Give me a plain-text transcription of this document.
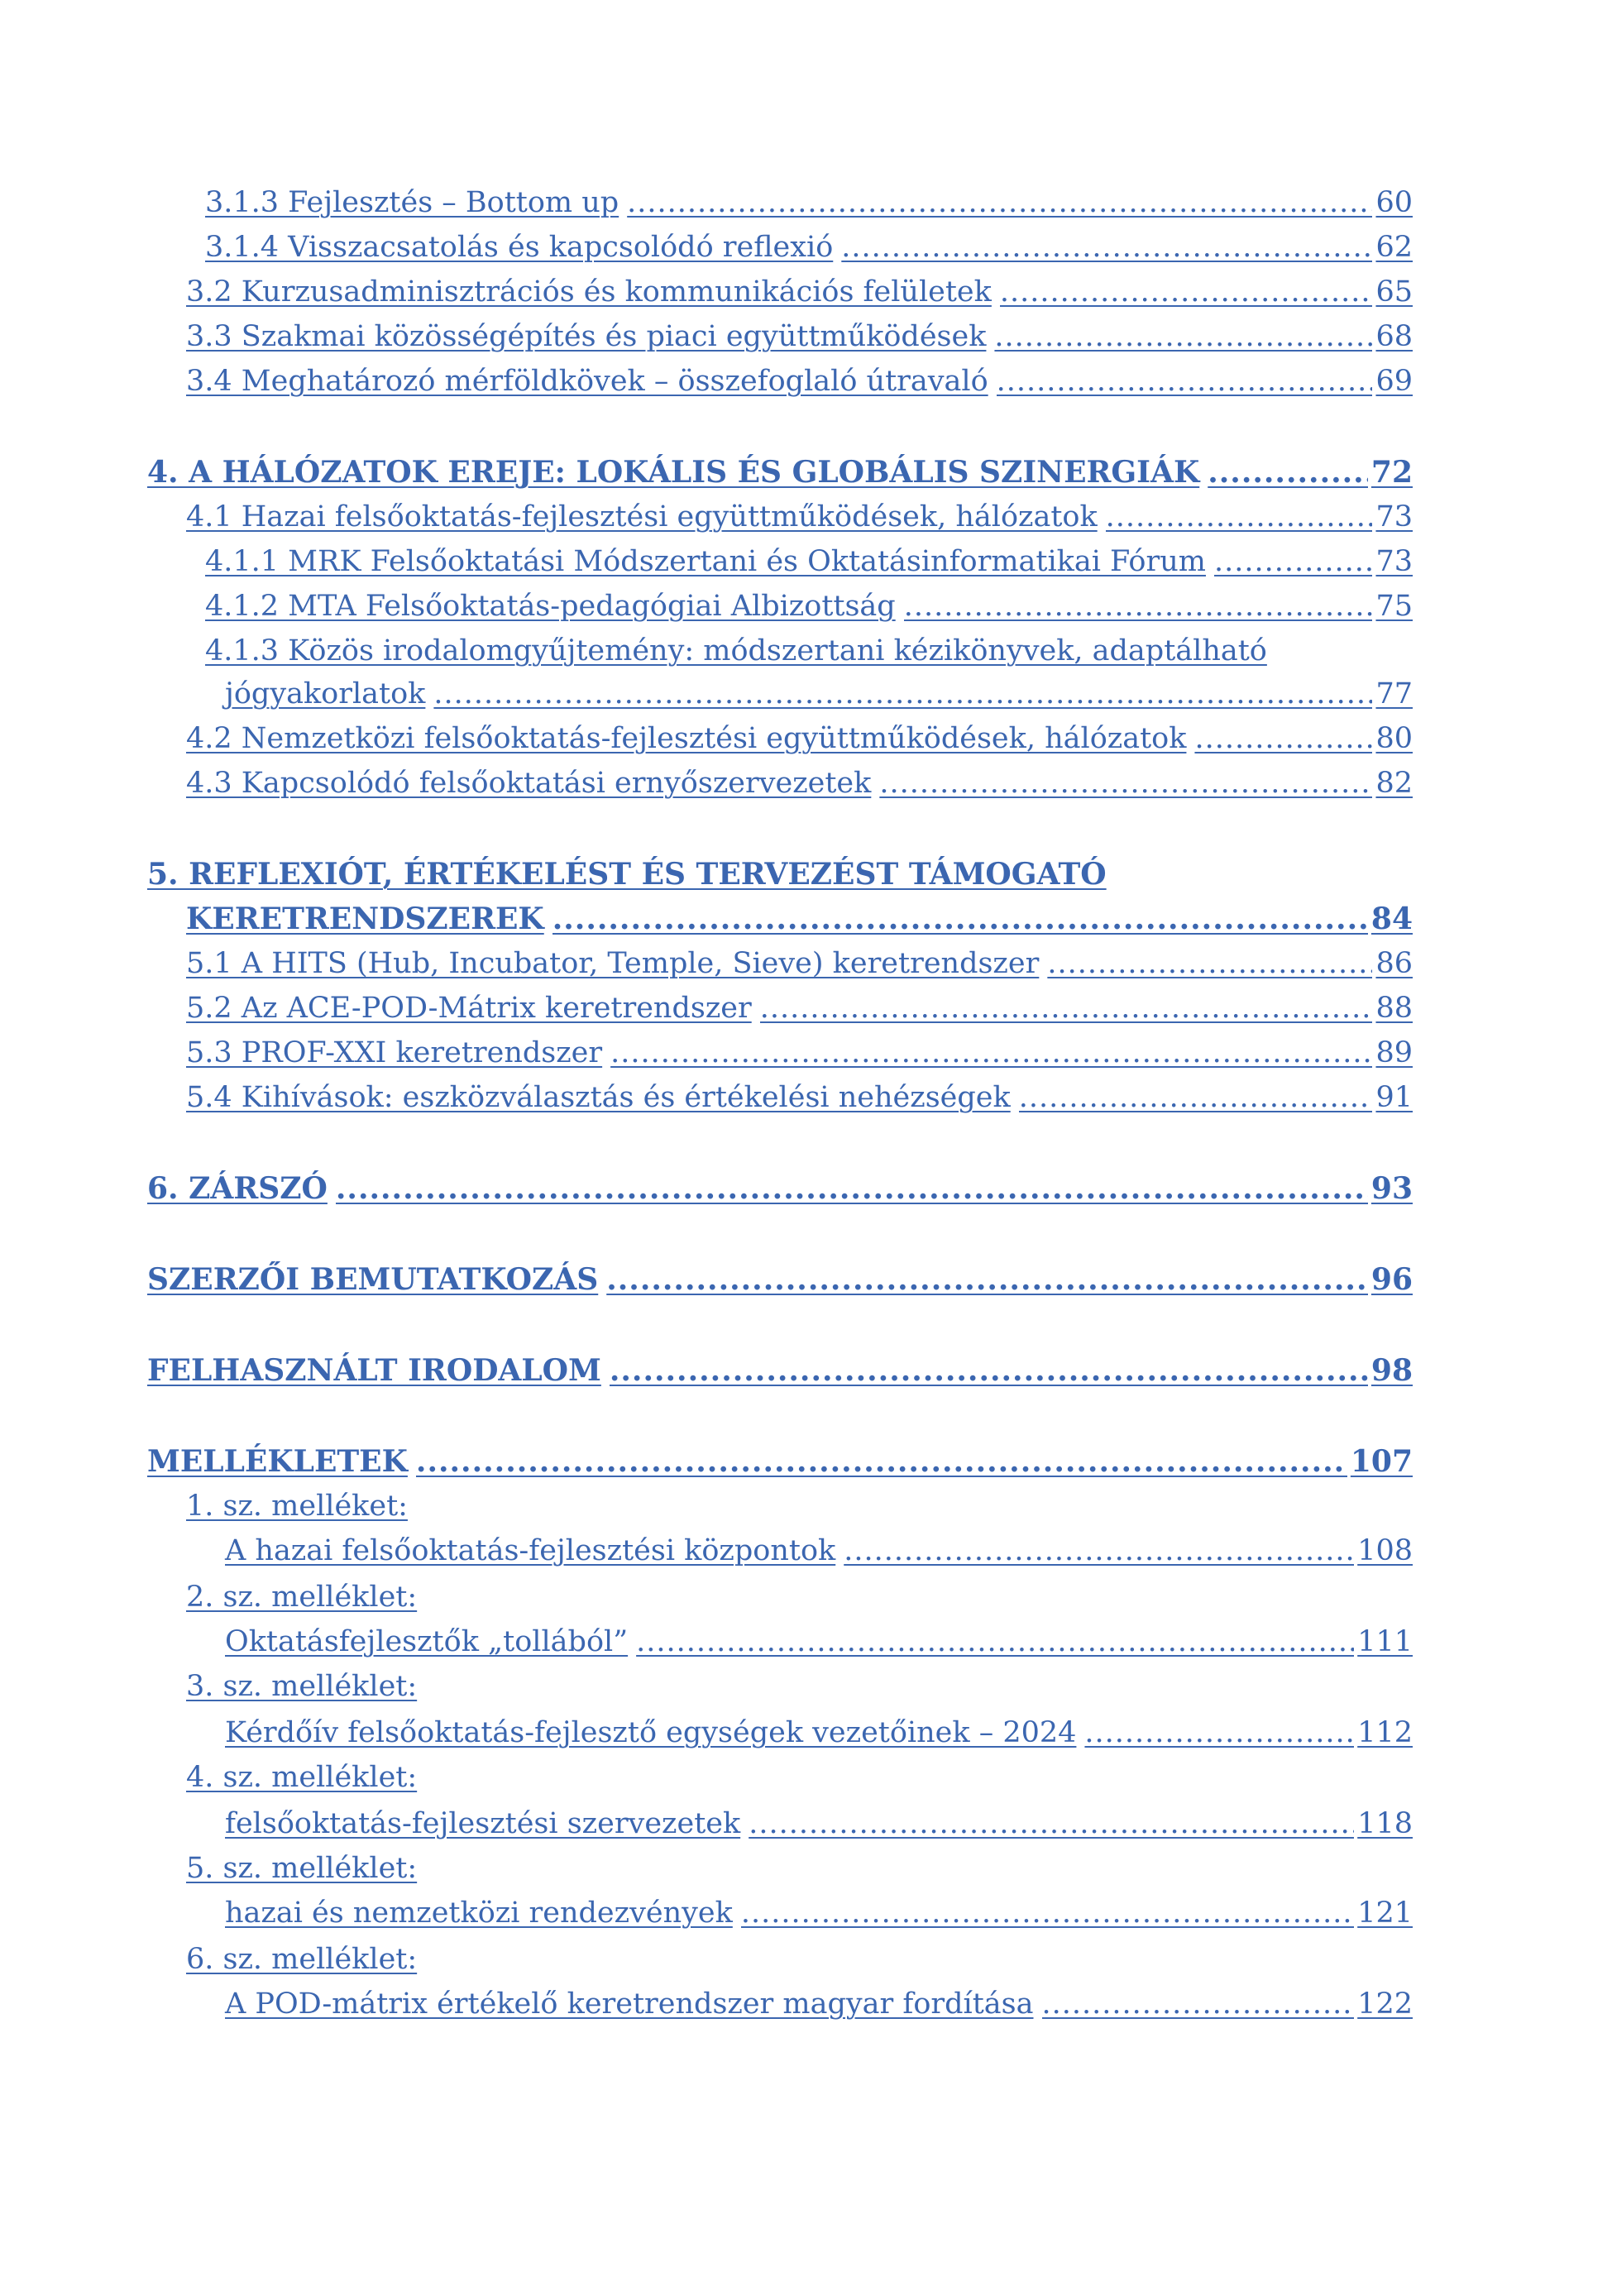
3.1.3 Fejlesztés – Bottom up .....	60
3.1.4 Visszacsatolás és kapcsolódó reflexió .....	62
3.2 Kurzusadminisztrációs és kommunikációs felületek .....	65
3.3 Szakmai közösségépítés és piaci együttműködések .....	68
3.4 Meghatározó mérföldkövek – összefoglaló útravaló .....	69
4. A HÁLÓZATOK EREJE: LOKÁLIS ÉS GLOBÁLIS SZINERGIÁK .....	72
4.1 Hazai felsőoktatás-fejlesztési együttműködések, hálózatok .....	73
4.1.1 MRK Felsőoktatási Módszertani és Oktatásinformatikai Fórum .....	73
4.1.2 MTA Felsőoktatás-pedagógiai Albizottság .....	75
4.1.3 Közös irodalomgyűjtemény: módszertani kézikönyvek, adaptálható
jógyakorlatok .....	77
4.2 Nemzetközi felsőoktatás-fejlesztési együttműködések, hálózatok .....	80
4.3 Kapcsolódó felsőoktatási ernyőszervezetek .....	82
5. REFLEXIÓT, ÉRTÉKELÉST ÉS TERVEZÉST TÁMOGATÓ
KERETRENDSZEREK .....	84
5.1 A HITS (Hub, Incubator, Temple, Sieve) keretrendszer .....	86
5.2 Az ACE-POD-Mátrix keretrendszer .....	88
5.3 PROF-XXI keretrendszer .....	89
5.4 Kihívások: eszközválasztás és értékelési nehézségek .....	91
6. ZÁRSZÓ .....	93
SZERZŐI BEMUTATKOZÁS .....	96
FELHASZNÁLT IRODALOM .....	98
MELLÉKLETEK .....	107
1. sz. melléket:
A hazai felsőoktatás-fejlesztési központok .....	108
2. sz. melléklet:
Oktatásfejlesztők „tollából” .....	111
3. sz. melléklet:
Kérdőív felsőoktatás-fejlesztő egységek vezetőinek – 2024 .....	112
4. sz. melléklet:
felsőoktatás-fejlesztési szervezetek .....	118
5. sz. melléklet:
hazai és nemzetközi rendezvények .....	121
6. sz. melléklet:
A POD-mátrix értékelő keretrendszer magyar fordítása .....	122
